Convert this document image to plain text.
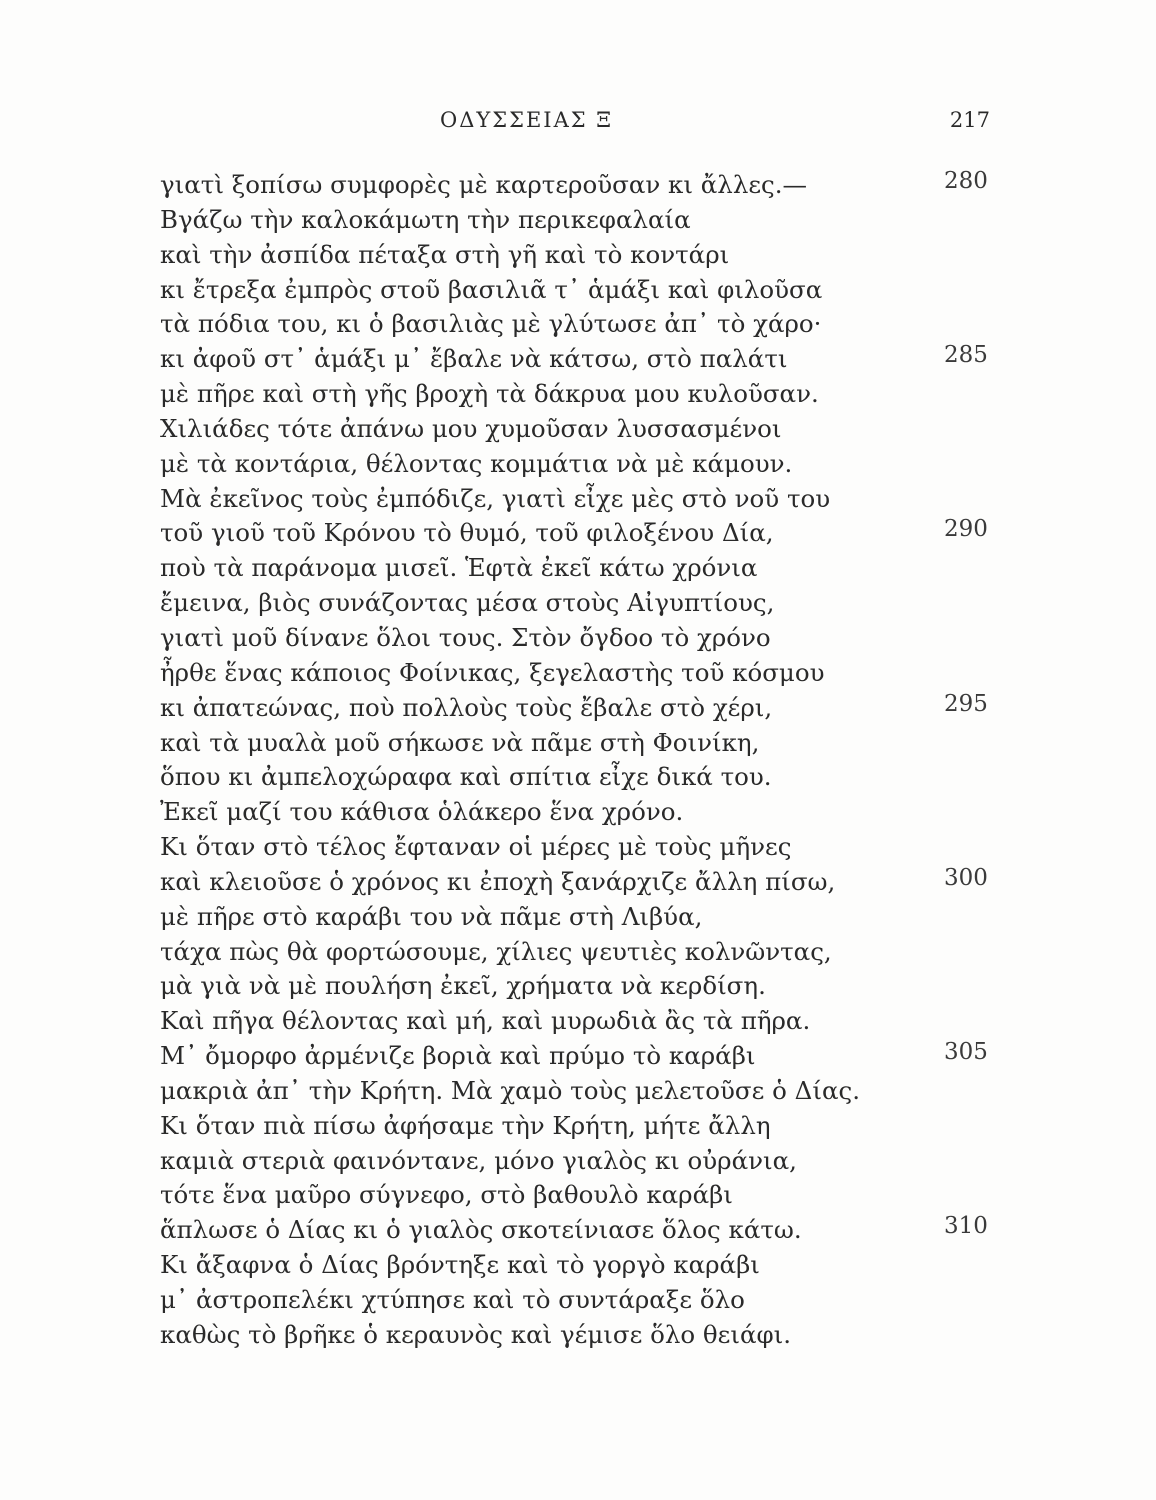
ΟΔΥΣΣΕΙΑΣ Ξ	217
γιατὶ ξοπίσω συμφορὲς μὲ καρτεροῦσαν κι ἄλλες.—	280
Βγάζω τὴν καλοκάμωτη τὴν περικεφαλαία
καὶ τὴν ἀσπίδα πέταξα στὴ γῆ καὶ τὸ κοντάρι
κι ἔτρεξα ἐμπρὸς στοῦ βασιλιᾶ τ᾽ ἁμάξι καὶ φιλοῦσα
τὰ πόδια του, κι ὁ βασιλιὰς μὲ γλύτωσε ἀπ᾽ τὸ χάρο·
κι ἀφοῦ στ᾽ ἁμάξι μ᾽ ἔβαλε νὰ κάτσω, στὸ παλάτι	285
μὲ πῆρε καὶ στὴ γῆς βροχὴ τὰ δάκρυα μου κυλοῦσαν.
Χιλιάδες τότε ἀπάνω μου χυμοῦσαν λυσσασμένοι
μὲ τὰ κοντάρια, θέλοντας κομμάτια νὰ μὲ κάμουν.
Μὰ ἐκεῖνος τοὺς ἐμπόδιζε, γιατὶ εἶχε μὲς στὸ νοῦ του
τοῦ γιοῦ τοῦ Κρόνου τὸ θυμό, τοῦ φιλοξένου Δία,	290
ποὺ τὰ παράνομα μισεῖ. Ἑφτὰ ἐκεῖ κάτω χρόνια
ἔμεινα, βιὸς συνάζοντας μέσα στοὺς Αἰγυπτίους,
γιατὶ μοῦ δίνανε ὅλοι τους. Στὸν ὄγδοο τὸ χρόνο
ἦρθε ἕνας κάποιος Φοίνικας, ξεγελαστὴς τοῦ κόσμου
κι ἀπατεώνας, ποὺ πολλοὺς τοὺς ἔβαλε στὸ χέρι,	295
καὶ τὰ μυαλὰ μοῦ σήκωσε νὰ πᾶμε στὴ Φοινίκη,
ὅπου κι ἀμπελοχώραφα καὶ σπίτια εἶχε δικά του.
Ἐκεῖ μαζί του κάθισα ὁλάκερο ἕνα χρόνο.
Κι ὅταν στὸ τέλος ἔφταναν οἱ μέρες μὲ τοὺς μῆνες
καὶ κλειοῦσε ὁ χρόνος κι ἐποχὴ ξανάρχιζε ἄλλη πίσω,	300
μὲ πῆρε στὸ καράβι του νὰ πᾶμε στὴ Λιβύα,
τάχα πὼς θὰ φορτώσουμε, χίλιες ψευτιὲς κολνῶντας,
μὰ γιὰ νὰ μὲ πουλήση ἐκεῖ, χρήματα νὰ κερδίση.
Καὶ πῆγα θέλοντας καὶ μή, καὶ μυρωδιὰ ἂς τὰ πῆρα.
Μ᾽ ὄμορφο ἀρμένιζε βοριὰ καὶ πρύμο τὸ καράβι	305
μακριὰ ἀπ᾽ τὴν Κρήτη. Μὰ χαμὸ τοὺς μελετοῦσε ὁ Δίας.
Κι ὅταν πιὰ πίσω ἀφήσαμε τὴν Κρήτη, μήτε ἄλλη
καμιὰ στεριὰ φαινόντανε, μόνο γιαλὸς κι οὐράνια,
τότε ἕνα μαῦρο σύγνεφο, στὸ βαθουλὸ καράβι
ἅπλωσε ὁ Δίας κι ὁ γιαλὸς σκοτείνιασε ὅλος κάτω.	310
Κι ἄξαφνα ὁ Δίας βρόντηξε καὶ τὸ γοργὸ καράβι
μ᾽ ἀστροπελέκι χτύπησε καὶ τὸ συντάραξε ὅλο
καθὼς τὸ βρῆκε ὁ κεραυνὸς καὶ γέμισε ὅλο θειάφι.
